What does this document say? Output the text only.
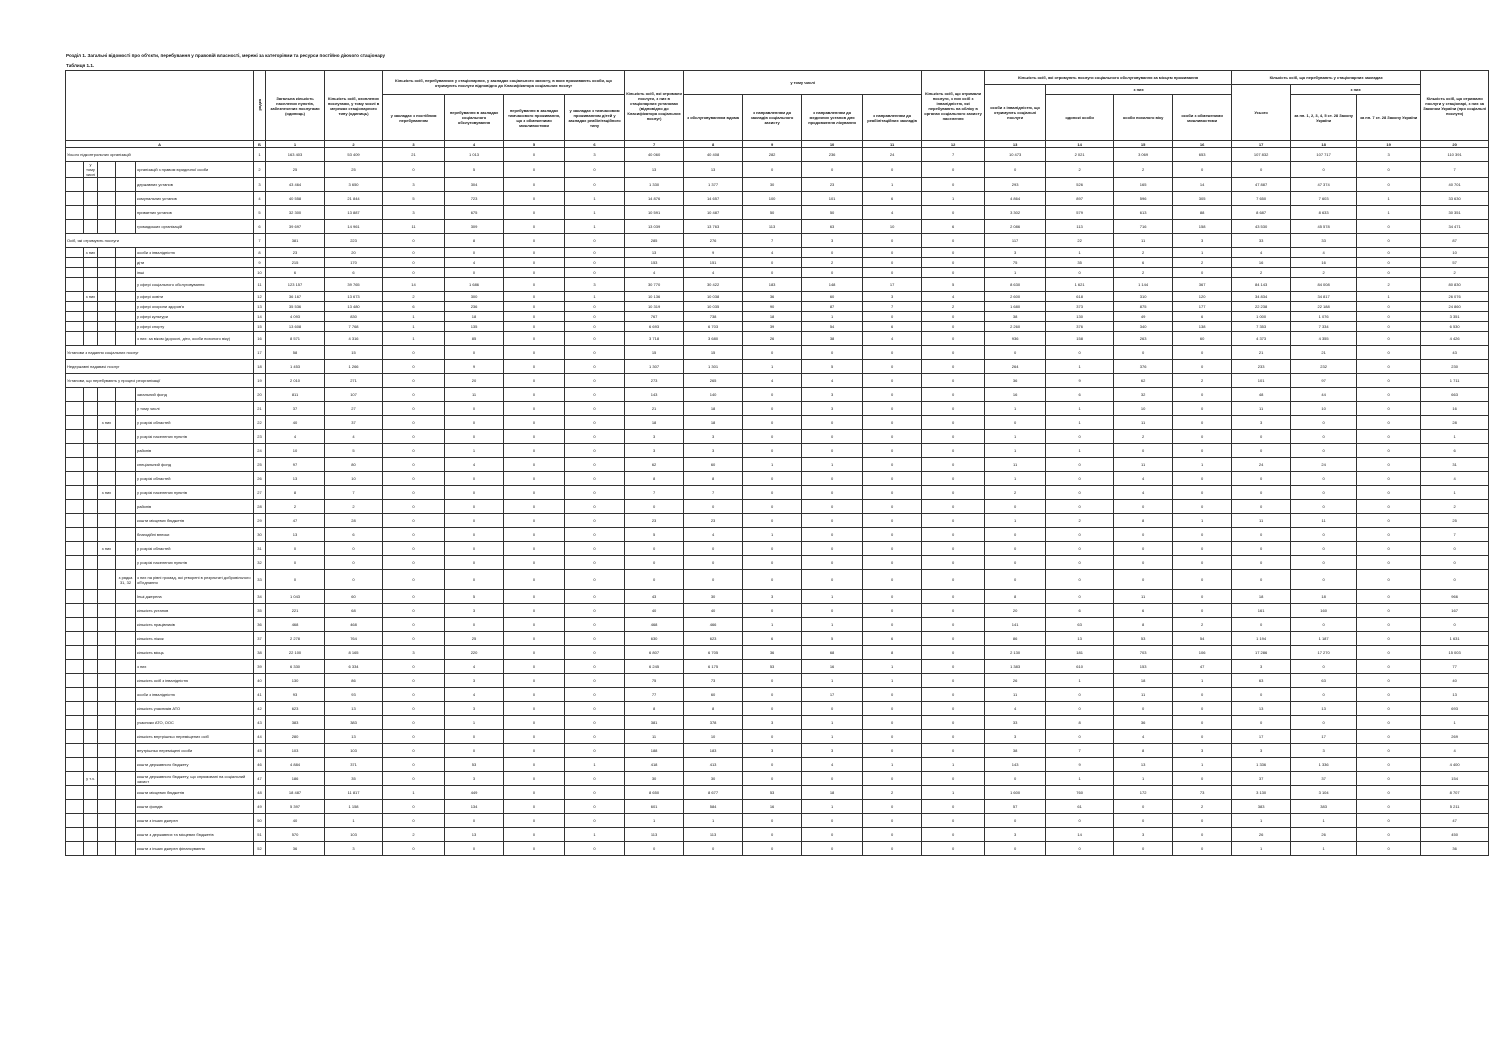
Розділ 1. Загальні відомості про об'єкти, перебування у правовій власності, мережі за категоріями та ресурси постійно діючого стаціонару
Таблиця 1.1.
					рядка	Загальна кількість населених пунктів, забезпечених послугами (одиниць)	Кількість осіб, охоплених послугами, у тому числі в мережах стаціонарного типу (одиниць)	Кількість осіб, перебуваючих у стаціонарних, у закладах соціального захисту, в яких проживають особи, що отримують послуги відповідно до Класифікатора соціальних послуг				Кількість осіб, які отримали послуги, з них в стаціонарних установах (відповідно до Класифікатора соціальних послуг)	у тому числі				Кількість осіб, що отримали послуги, з них осіб з інвалідністю, які перебувають на обліку в органах соціального захисту населення	Кількість осіб, які отримують послуги соціального обслуговування за місцем проживання				Кількість осіб, що перебувають у стаціонарних закладах			Кількість осіб, що отримали послуги у стаціонарі, з них за Законом України (про соціальні послуги)
																		особи з інвалідністю, що отримують соціальні послуги	з них			Усього	з них		
								у закладах з постійним перебуванням	перебування в закладах соціального обслуговування	перебування в закладах тимчасового проживання, що з обмеженими можливостями	у закладах з тимчасовим проживанням дітей у закладах реабілітаційного типу		з обслуговуванням вдома	з направленням до закладів соціального захисту	з направленням до медичних установ для продовження лікування	з направленням до реабілітаційних закладів			одинокі особи	особи похилого віку	особи з обмеженими можливостями		за пп. 1, 2, 3, 4, 5 ст. 28 Закону України	за пп. 7 ст. 28 Закону України	

А					Б	1	2	3	4	5	6	7	8	9	10	11	12	13	14	15	16	17	18	19	20
Усього підконтрольних організацій					1	163 403	53 409	21	1 013	0	3	40 060	40 408	282	236	24	7	10 473	2 021	3 069	653	107 832	107 717	3	110 391
	у тому числі			організацій з правом юридичної особи	2	25	25	0	5	0	0	13	13	0	0	0	0	0	2	2	0	0	0	0	7
				державних установ	3	43 464	3 650	3	304	0	0	1 330	1 377	30	23	1	0	293	526	165	14	47 887	47 374	0	40 701
				комунальних установ	4	40 558	21 844	5	723	0	1	14 876	14 657	100	101	6	1	4 864	897	596	305	7 650	7 603	1	33 630
				приватних установ	5	32 300	13 887	3	675	0	1	10 591	10 487	50	50	4	0	3 302	579	613	88	8 687	8 633	1	30 351
				громадських організацій	6	39 697	14 961	11	309	0	1	13 039	13 763	113	63	10	6	2 086	113	716	158	43 530	45 578	0	34 471
Осіб, які отримують послуги					7	381	223	0	8	0	0	285	276	7	3	0	0	117	22	11	3	33	33	0	87
	з них			особи з інвалідністю	8	23	20	0	0	0	0	13	9	4	0	0	0	3	1	2	1	4	4	0	10
				діти	9	215	170	0	4	0	0	153	151	0	2	0	0	75	35	6	2	16	16	0	57
				інші	10	6	6	0	0	0	0	4	4	0	0	0	0	1	0	2	0	2	2	0	2
				у сфері соціального обслуговування	11	123 157	39 765	14	1 686	0	3	30 770	30 422	183	148	17	5	8 630	1 621	1 144	367	84 143	84 008	2	80 830
	з них			у сфері освіти	12	36 167	13 673	2	300	0	1	10 136	10 038	36	60	3	4	2 600	618	310	120	34 834	34 817	1	26 076
				у сфері охорони здоров'я	13	35 536	13 480	6	236	0	0	10 319	10 035	90	87	7	2	1 680	373	875	177	22 238	22 188	0	24 860
				у сфері культури	14	4 093	830	1	18	0	0	767	738	18	1	0	0	38	130	49	6	1 000	1 076	0	3 351
				у сфері спорту	15	13 608	7 768	1	135	0	0	6 693	6 703	39	54	6	0	2 260	376	340	138	7 353	7 334	0	6 530
				з них: за віком (дорослі, діти, особи похилого віку)	16	8 571	4 316	1	85	0	0	3 718	3 680	26	38	4	0	936	158	263	60	4 373	4 355	0	4 426
Установи з надання соціальних послуг					17	58	15	0	0	0	0	15	15	0	0	0	0	0	0	0	0	21	21	0	43
Недержавні надавачі послуг					18	1 453	1 266	0	9	0	0	1 307	1 301	1	5	0	0	264	1	376	0	233	232	0	230
Установи, що перебувають у процесі реорганізації					19	2 010	271	0	20	0	0	273	265	4	4	0	0	36	9	62	2	101	97	0	1 711
				загальний фонд	20	811	107	0	11	0	0	143	140	0	3	0	0	16	6	32	0	48	44	0	663
				у тому числі	21	37	27	0	0	0	0	21	18	0	3	0	0	1	1	10	0	11	10	0	16
		з них		у розрізі областей	22	40	37	0	0	0	0	18	18	0	0	0	0	0	1	11	0	3	0	0	28
				у розрізі населених пунктів	23	4	4	0	0	0	0	3	3	0	0	0	0	1	0	2	0	0	0	0	1
				районів	24	10	5	0	1	0	0	3	3	0	0	0	0	1	1	0	0	0	0	0	6
				спеціальний фонд	25	97	80	0	4	0	0	62	60	1	1	0	0	11	0	11	1	24	24	0	31
				у розрізі областей	26	13	10	0	0	0	0	8	8	0	0	0	0	1	0	4	0	0	0	0	4
		з них		у розрізі населених пунктів	27	8	7	0	0	0	0	7	7	0	0	0	0	2	0	4	0	0	0	0	1
				районів	28	2	2	0	0	0	0	0	0	0	0	0	0	0	0	0	0	0	0	0	2
				кошти місцевих бюджетів	29	47	28	0	0	0	0	23	23	0	0	0	0	1	2	8	1	11	11	0	25
				благодійні внески	30	13	6	0	0	0	0	5	4	1	0	0	0	0	0	0	0	0	0	0	7
		з них		у розрізі областей	31	0	0	0	0	0	0	0	0	0	0	0	0	0	0	0	0	0	0	0	0
				у розрізі населених пунктів	32	0	0	0	0	0	0	0	0	0	0	0	0	0	0	0	0	0	0	0	0
			з рядка 31, 32	з них на рівні громад, які утворені в результаті добровільного об'єднання	33	0	0	0	0	0	0	0	0	0	0	0	0	0	0	0	0	0	0	0	0
				Інші джерела	34	1 043	60	0	5	0	0	43	30	3	1	0	0	8	0	11	0	18	18	0	966
				кількість установ	35	221	68	0	3	0	0	40	40	0	0	0	0	20	6	6	0	161	160	0	167
				кількість працівників	36	468	468	0	0	0	0	468	466	1	1	0	0	141	63	8	2	0	0	0	0
				кількість ліжок	37	2 278	764	0	25	0	0	630	623	6	5	6	0	86	13	53	54	1 194	1 187	0	1 631
				кількість місць	38	22 100	8 165	3	220	0	0	6 807	6 705	36	68	8	0	2 130	181	703	106	17 286	17 270	0	15 003
				з них	39	6 330	6 334	0	4	0	0	6 245	6 175	53	16	1	0	1 383	610	153	47	3	0	0	77
				кількість осіб з інвалідністю	40	130	86	0	3	0	0	75	73	0	1	1	0	26	1	18	1	63	63	0	40
				особи з інвалідністю	41	93	93	0	4	0	0	77	60	0	17	0	0	11	0	11	0	0	0	0	13
				кількість учасників АТО	42	623	13	0	3	0	0	8	8	0	0	0	0	4	0	0	0	13	13	0	693
				учасники АТО, ООС	43	383	383	0	1	0	0	381	378	3	1	0	0	33	8	36	0	0	0	0	1
				кількість внутрішньо переміщених осіб	44	280	13	0	0	0	0	11	10	0	1	0	0	3	0	4	0	17	17	0	269
				внутрішньо переміщені особи	45	103	103	0	0	0	0	188	183	3	3	0	0	38	7	8	3	3	3	0	4
				кошти державного бюджету	46	4 884	371	0	53	0	1	418	413	0	4	1	1	143	9	13	1	1 336	1 336	0	4 400
	у т.ч.			кошти державного бюджету, що спрямовані на соціальний захист	47	186	35	0	3	0	0	30	30	0	0	0	0	0	1	1	0	37	37	0	154
				кошти місцевих бюджетів	48	18 487	11 817	1	449	0	0	8 650	8 677	53	18	2	1	1 600	760	172	73	3 130	3 104	0	8 707
				кошти фондів	49	5 397	1 158	0	134	0	0	601	584	16	1	0	0	57	61	0	2	383	383	0	5 211
				кошти з інших джерел	50	40	1	0	0	0	0	1	1	0	0	0	0	0	0	0	0	1	1	0	47
				кошти з державних та місцевих бюджетів	51	570	103	2	13	0	1	113	113	0	0	0	0	3	14	3	0	26	26	0	450
				кошти з інших джерел фінансування	52	36	3	0	0	0	0	0	0	0	0	0	0	0	0	0	0	1	1	0	36
